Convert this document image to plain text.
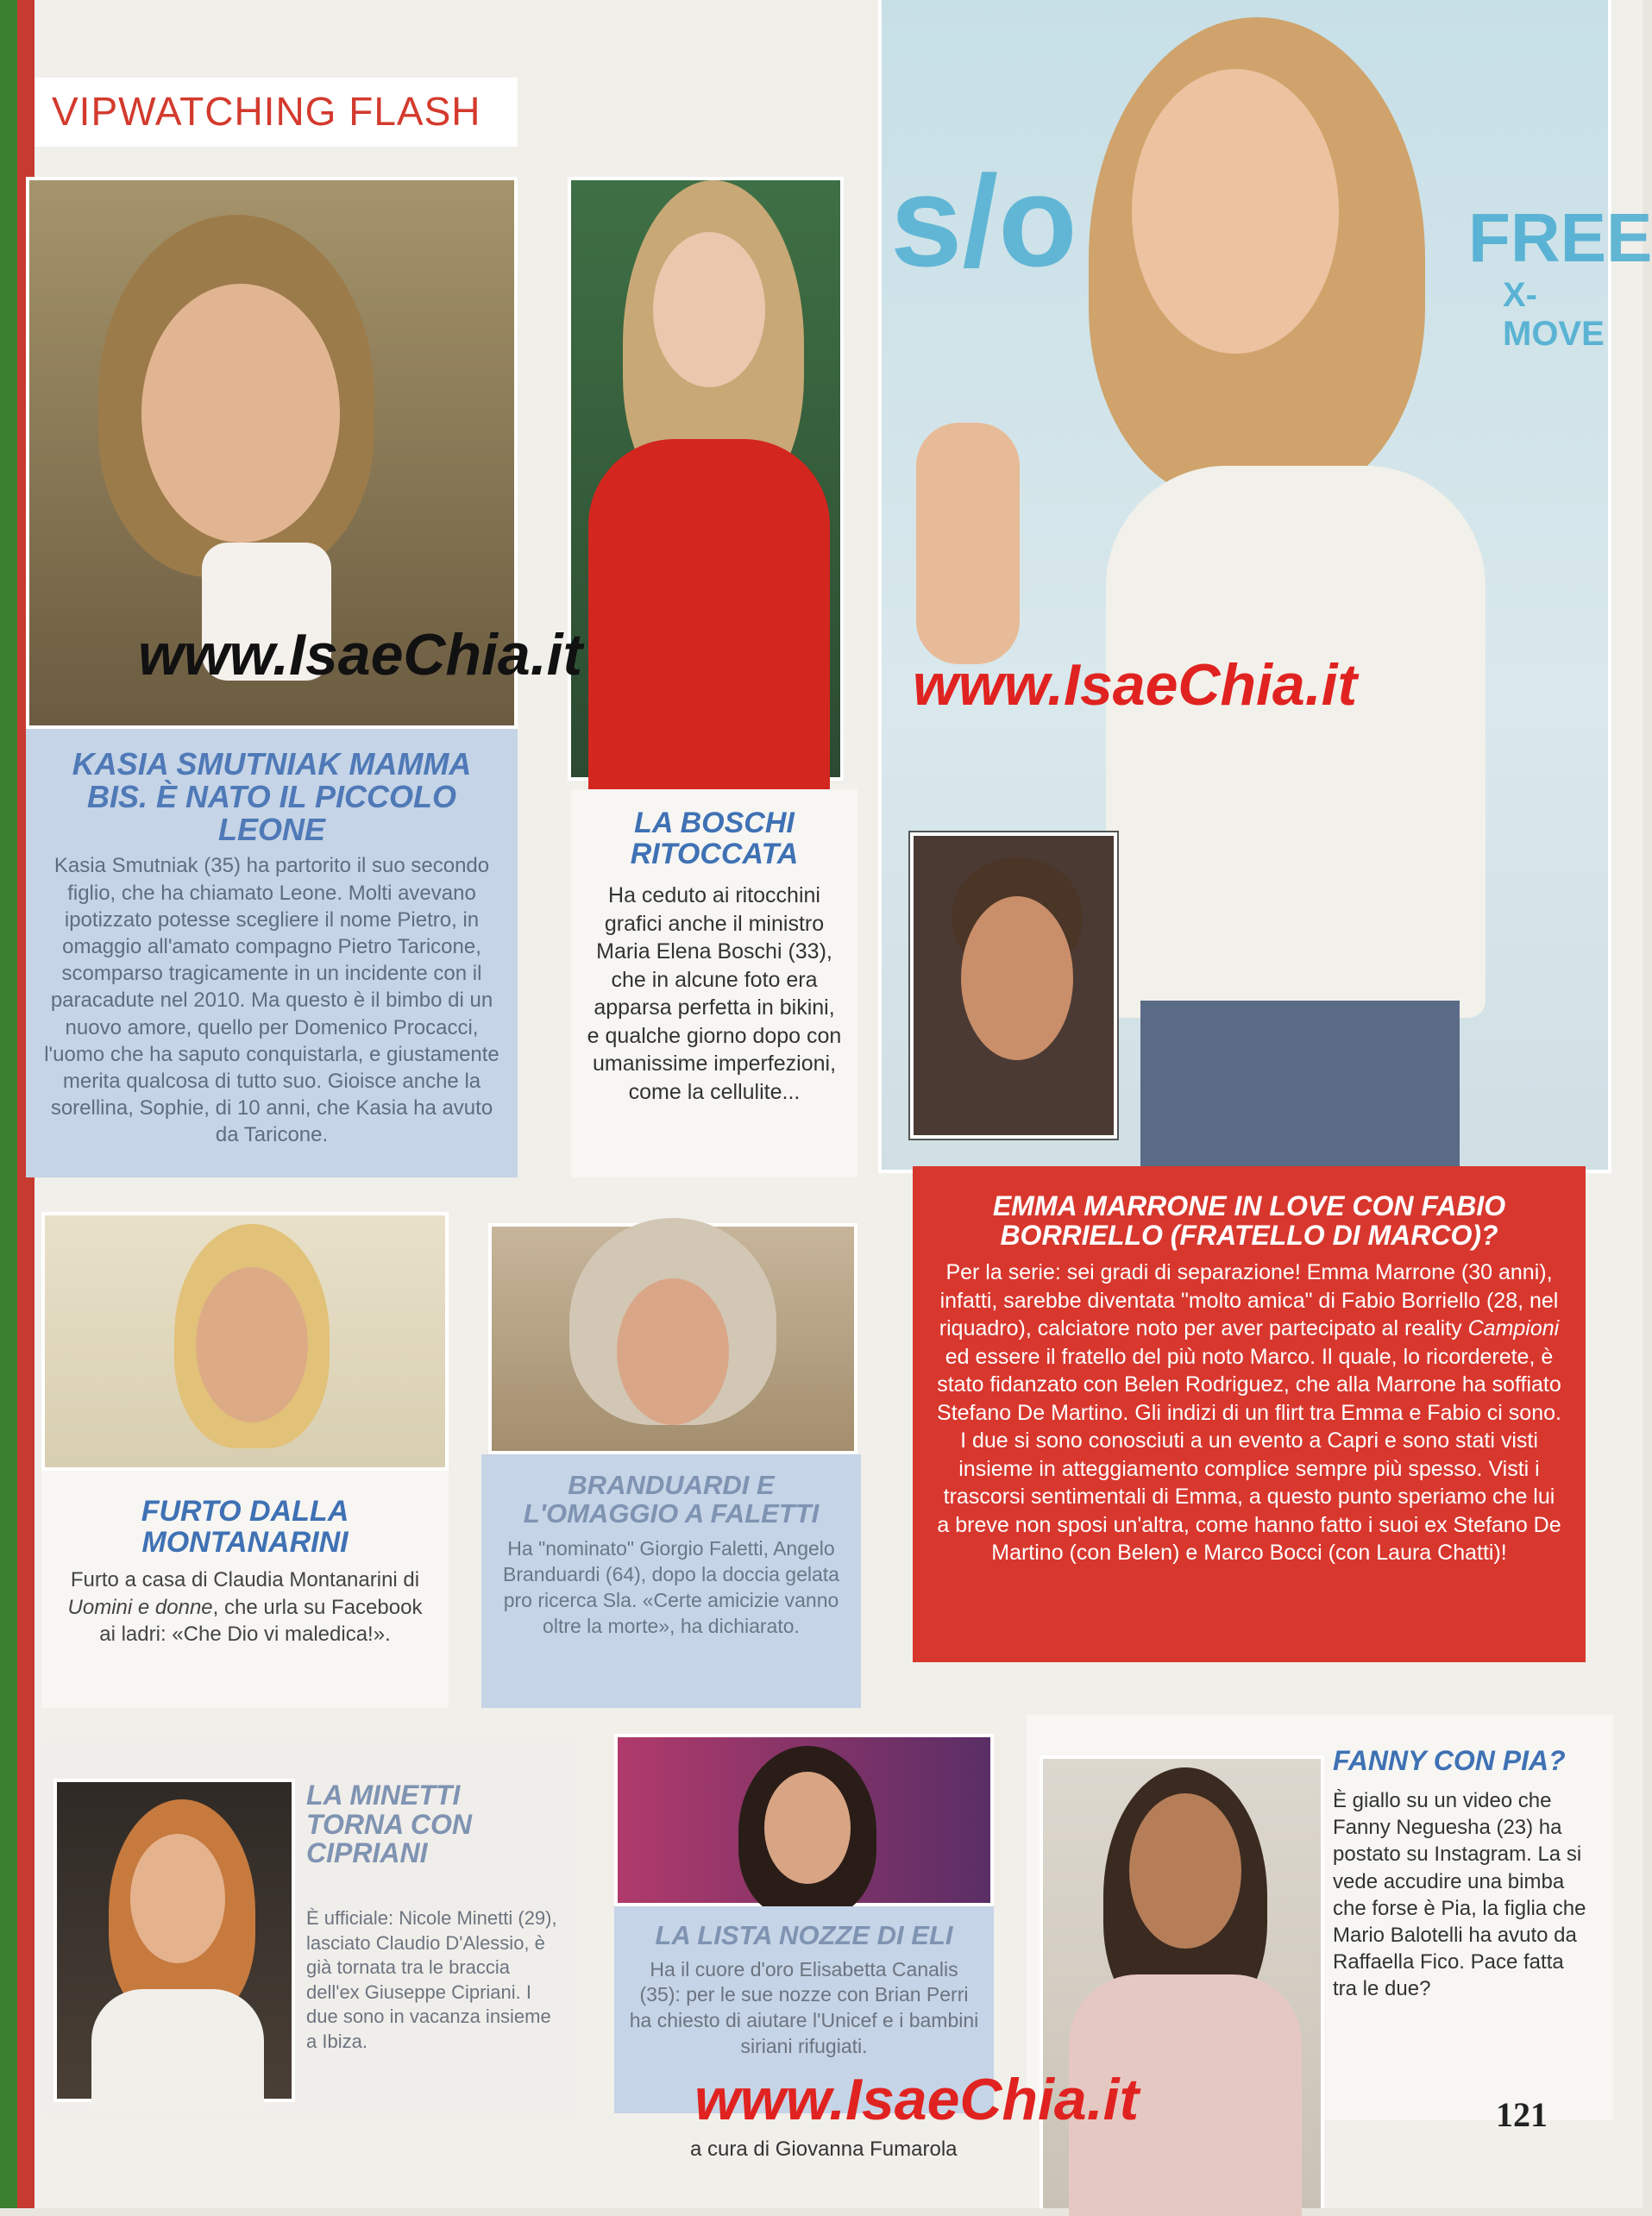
VIPWATCHING FLASH
KASIA SMUTNIAK MAMMA BIS. È NATO IL PICCOLO LEONE
Kasia Smutniak (35) ha partorito il suo secondo figlio, che ha chiamato Leone. Molti avevano ipotizzato potesse scegliere il nome Pietro, in omaggio all'amato compagno Pietro Taricone, scomparso tragicamente in un incidente con il paracadute nel 2010. Ma questo è il bimbo di un nuovo amore, quello per Domenico Procacci, l'uomo che ha saputo conquistarla, e giustamente merita qualcosa di tutto suo. Gioisce anche la sorellina, Sophie, di 10 anni, che Kasia ha avuto da Taricone.
LA BOSCHI RITOCCATA
Ha ceduto ai ritocchini grafici anche il ministro Maria Elena Boschi (33), che in alcune foto era apparsa perfetta in bikini, e qualche giorno dopo con umanissime imperfezioni, come la cellulite...
s/o	FREE
X-MOVE
EMMA MARRONE IN LOVE CON FABIO BORRIELLO (FRATELLO DI MARCO)?
Per la serie: sei gradi di separazione! Emma Marrone (30 anni), infatti, sarebbe diventata "molto amica" di Fabio Borriello (28, nel riquadro), calciatore noto per aver partecipato al reality Campioni ed essere il fratello del più noto Marco. Il quale, lo ricorderete, è stato fidanzato con Belen Rodriguez, che alla Marrone ha soffiato Stefano De Martino. Gli indizi di un flirt tra Emma e Fabio ci sono. I due si sono conosciuti a un evento a Capri e sono stati visti insieme in atteggiamento complice sempre più spesso. Visti i trascorsi sentimentali di Emma, a questo punto speriamo che lui a breve non sposi un'altra, come hanno fatto i suoi ex Stefano De Martino (con Belen) e Marco Bocci (con Laura Chatti)!
FURTO DALLA MONTANARINI
Furto a casa di Claudia Montanarini di Uomini e donne, che urla su Facebook ai ladri: «Che Dio vi maledica!».
BRANDUARDI E L'OMAGGIO A FALETTI
Ha "nominato" Giorgio Faletti, Angelo Branduardi (64), dopo la doccia gelata pro ricerca Sla. «Certe amicizie vanno oltre la morte», ha dichiarato.
LA MINETTI TORNA CON CIPRIANI
È ufficiale: Nicole Minetti (29), lasciato Claudio D'Alessio, è già tornata tra le braccia dell'ex Giuseppe Cipriani. I due sono in vacanza insieme a Ibiza.
LA LISTA NOZZE DI ELI
Ha il cuore d'oro Elisabetta Canalis (35): per le sue nozze con Brian Perri ha chiesto di aiutare l'Unicef e i bambini siriani rifugiati.
FANNY CON PIA?
È giallo su un video che Fanny Neguesha (23) ha postato su Instagram. La si vede accudire una bimba che forse è Pia, la figlia che Mario Balotelli ha avuto da Raffaella Fico. Pace fatta tra le due?
www.IsaeChia.it	www.IsaeChia.it
www.IsaeChia.it
a cura di Giovanna Fumarola
121
